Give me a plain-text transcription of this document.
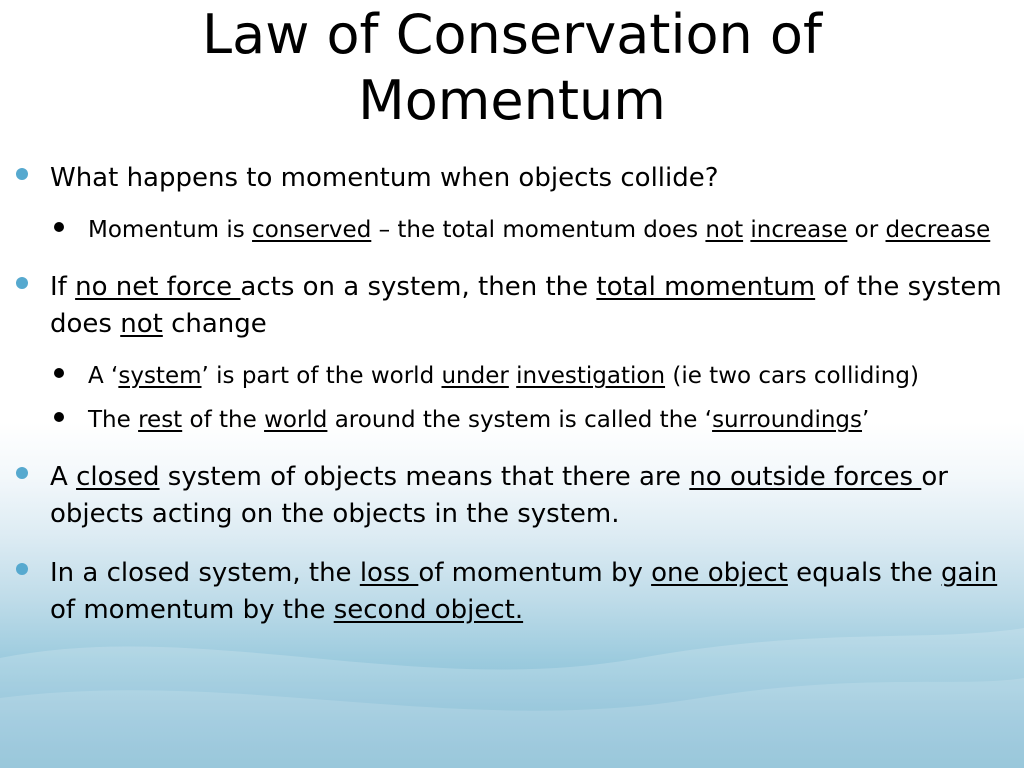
Law of Conservation of
Momentum
What happens to momentum when objects collide?
Momentum is conserved – the total momentum does not increase or decrease
If no net force acts on a system, then the total momentum of the system does not change
A ‘system’ is part of the world under investigation (ie two cars colliding)
The rest of the world around the system is called the ‘surroundings’
A closed system of objects means that there are no outside forces or objects acting on the objects in the system.
In a closed system, the loss of momentum by one object equals the gain of momentum by the second object.
